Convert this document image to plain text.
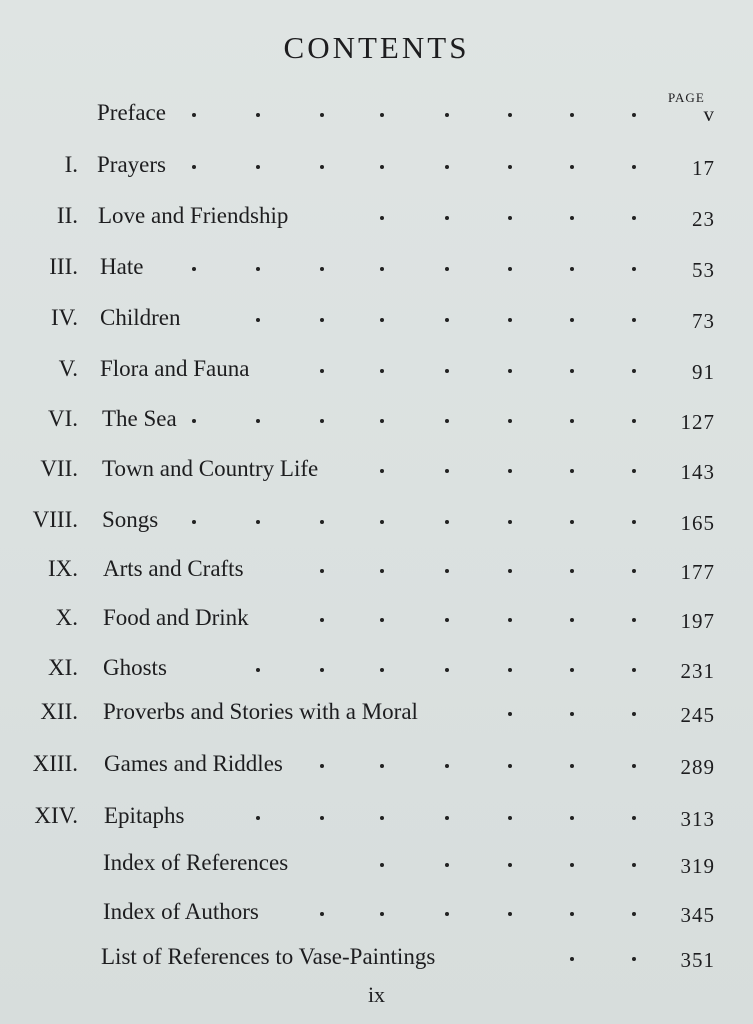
CONTENTS
PAGE
Preface	v
I. Prayers	17
II. Love and Friendship	23
III. Hate	53
IV. Children	73
V. Flora and Fauna	91
VI. The Sea	127
VII. Town and Country Life	143
VIII. Songs	165
IX. Arts and Crafts	177
X. Food and Drink	197
XI. Ghosts	231
XII. Proverbs and Stories with a Moral	245
XIII. Games and Riddles	289
XIV. Epitaphs	313
Index of References	319
Index of Authors	345
List of References to Vase-Paintings	351
ix
